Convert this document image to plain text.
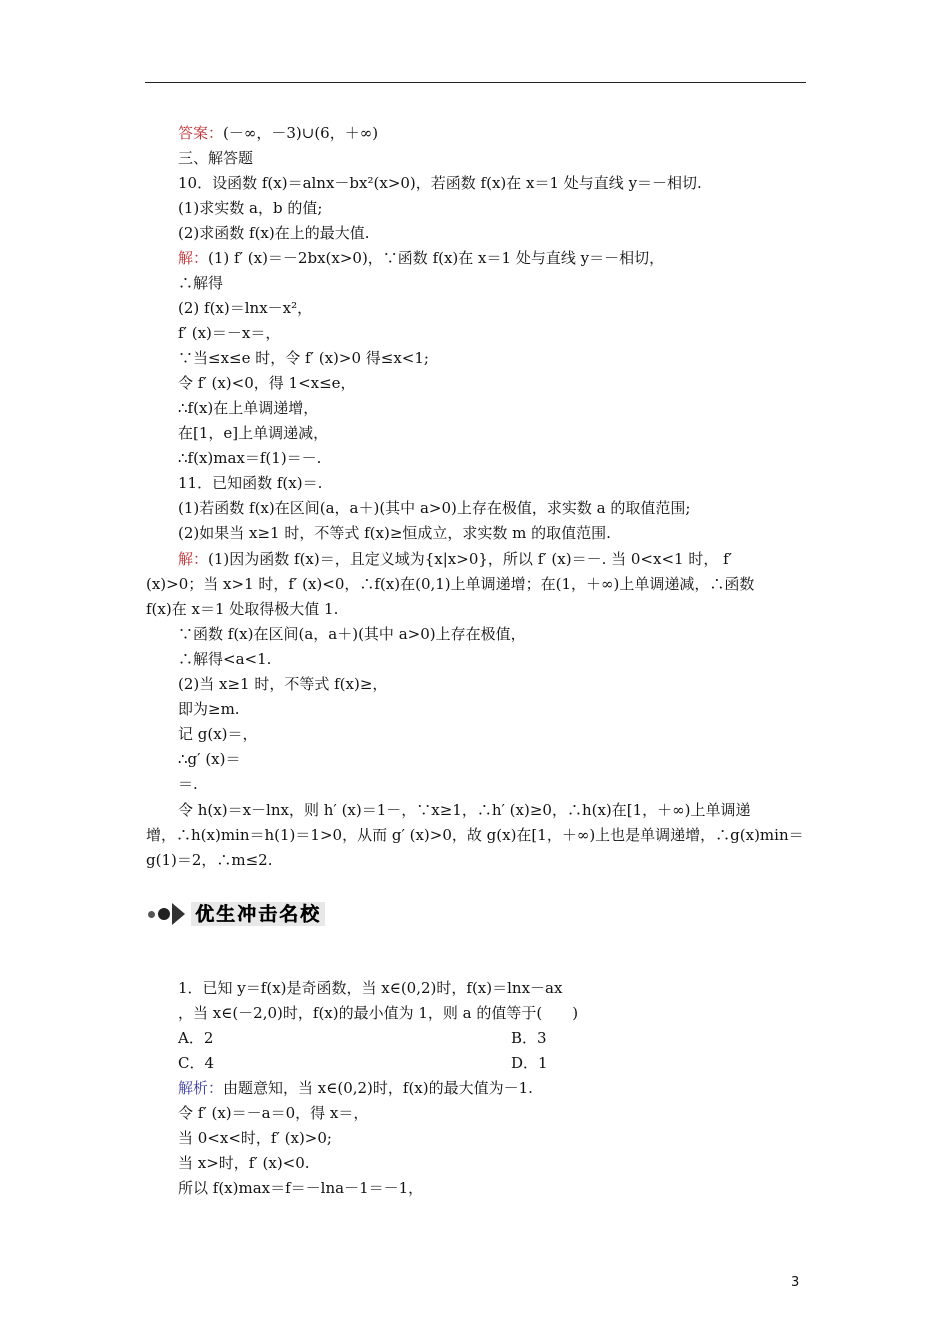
答案：(－∞，－3)∪(6，＋∞)
三、解答题
10．设函数 f(x)＝alnx－bx²(x>0)，若函数 f(x)在 x＝1 处与直线 y＝－相切.
(1)求实数 a，b 的值;
(2)求函数 f(x)在上的最大值.
解：(1) f′ (x)＝－2bx(x>0)，∵函数 f(x)在 x＝1 处与直线 y＝－相切，
∴解得
(2) f(x)＝lnx－x²，
f′ (x)＝－x＝，
∵当≤x≤e 时，令 f′ (x)>0 得≤x<1;
令 f′ (x)<0，得 1<x≤e，
∴f(x)在上单调递增，
在[1，e]上单调递减，
∴f(x)max＝f(1)＝－.
11．已知函数 f(x)＝.
(1)若函数 f(x)在区间(a，a＋)(其中 a>0)上存在极值，求实数 a 的取值范围;
(2)如果当 x≥1 时，不等式 f(x)≥恒成立，求实数 m 的取值范围.
解：(1)因为函数 f(x)＝，且定义域为{x|x>0}，所以 f′ (x)＝－. 当 0<x<1 时， f′
(x)>0；当 x>1 时，f′ (x)<0，∴f(x)在(0,1)上单调递增；在(1，＋∞)上单调递减，∴函数
f(x)在 x＝1 处取得极大值 1.
∵函数 f(x)在区间(a，a＋)(其中 a>0)上存在极值，
∴解得<a<1.
(2)当 x≥1 时，不等式 f(x)≥，
即为≥m.
记 g(x)＝，
∴g′ (x)＝
＝.
令 h(x)＝x－lnx，则 h′ (x)＝1－，∵x≥1，∴h′ (x)≥0，∴h(x)在[1，＋∞)上单调递
增，∴h(x)min＝h(1)＝1>0，从而 g′ (x)>0，故 g(x)在[1，＋∞)上也是单调递增，∴g(x)min＝
g(1)＝2，∴m≤2.
优生冲击名校
1．已知 y＝f(x)是奇函数，当 x∈(0,2)时，f(x)＝lnx－ax
，当 x∈(－2,0)时，f(x)的最小值为 1，则 a 的值等于(　　)
A．2	B．3
C．4	D．1
解析：由题意知，当 x∈(0,2)时，f(x)的最大值为－1.
令 f′ (x)＝－a＝0，得 x＝，
当 0<x<时，f′ (x)>0;
当 x>时，f′ (x)<0.
所以 f(x)max＝f＝－lna－1＝－1，
3
